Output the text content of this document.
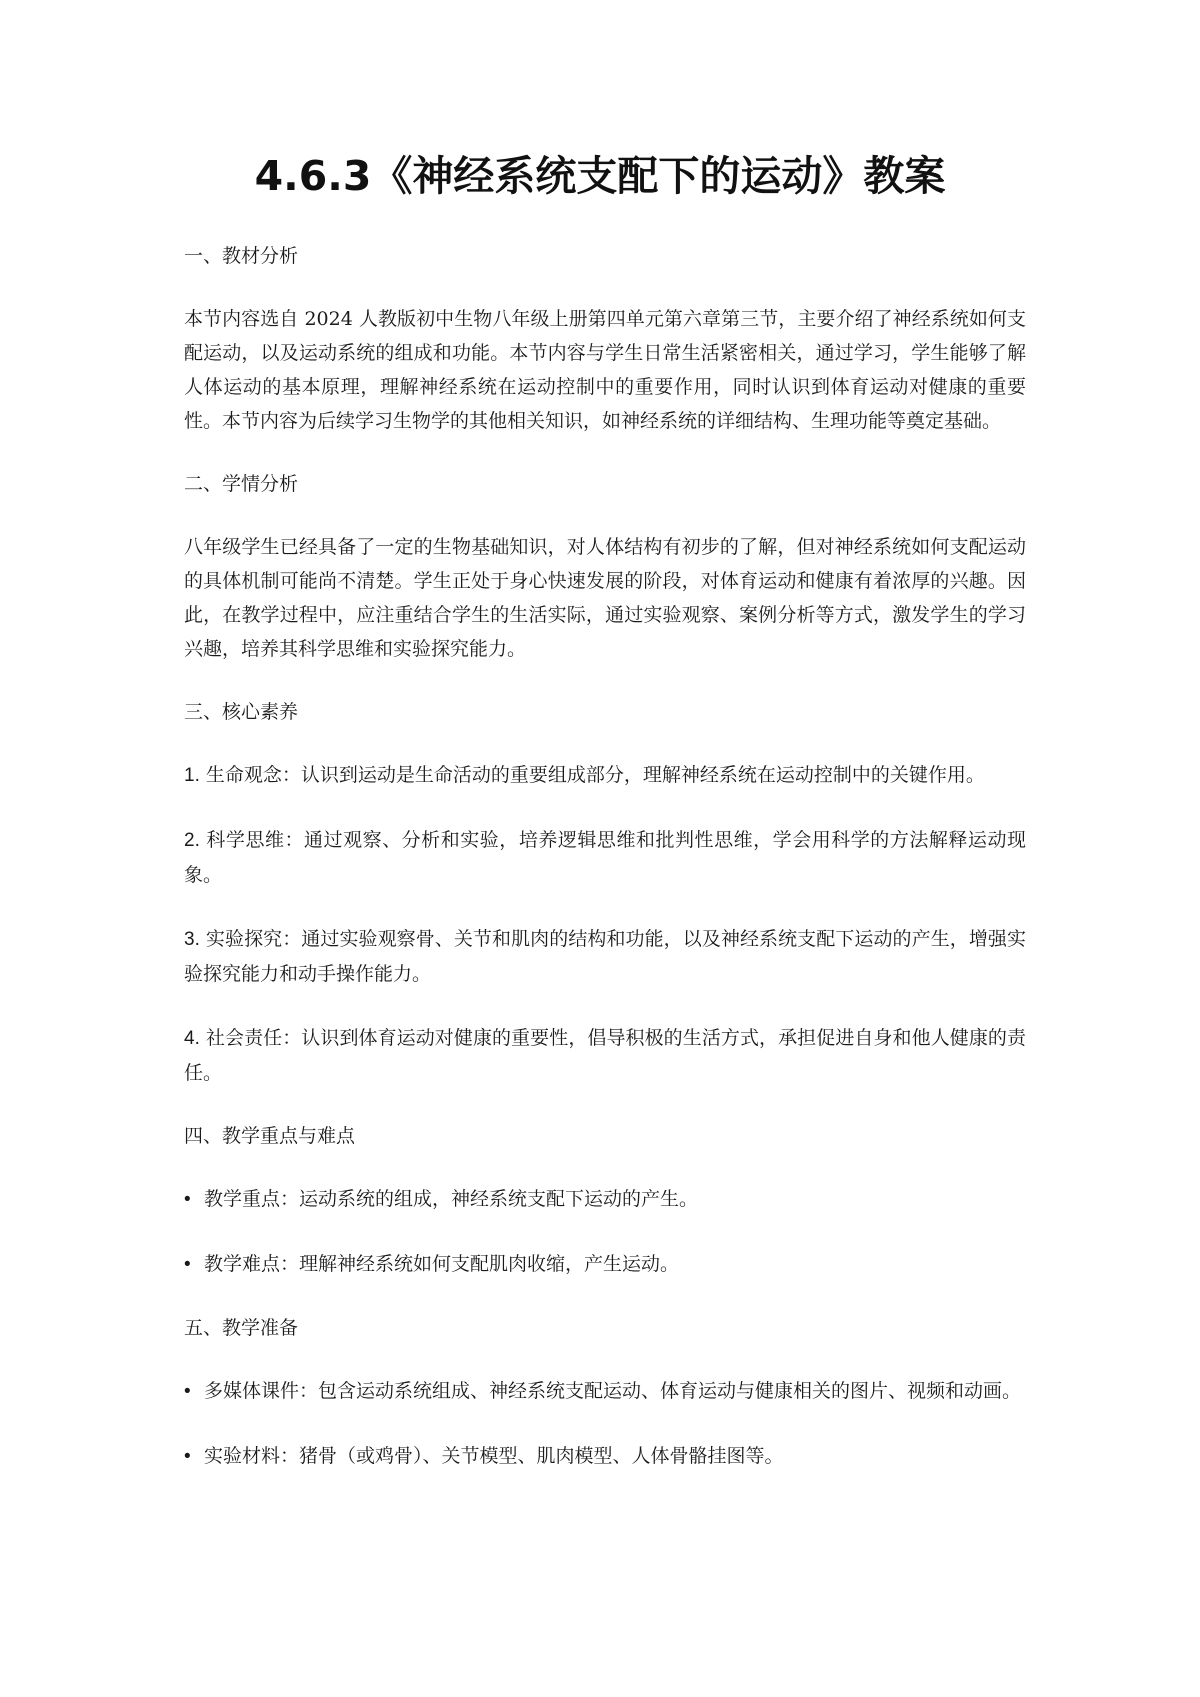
4.6.3《神经系统支配下的运动》教案
一、教材分析

本节内容选自 2024 人教版初中生物八年级上册第四单元第六章第三节，主要介绍了神经系统如何支配运动，以及运动系统的组成和功能。本节内容与学生日常生活紧密相关，通过学习，学生能够了解人体运动的基本原理，理解神经系统在运动控制中的重要作用，同时认识到体育运动对健康的重要性。本节内容为后续学习生物学的其他相关知识，如神经系统的详细结构、生理功能等奠定基础。

二、学情分析

八年级学生已经具备了一定的生物基础知识，对人体结构有初步的了解，但对神经系统如何支配运动的具体机制可能尚不清楚。学生正处于身心快速发展的阶段，对体育运动和健康有着浓厚的兴趣。因此，在教学过程中，应注重结合学生的生活实际，通过实验观察、案例分析等方式，激发学生的学习兴趣，培养其科学思维和实验探究能力。

三、核心素养

1. 生命观念：认识到运动是生命活动的重要组成部分，理解神经系统在运动控制中的关键作用。

2. 科学思维：通过观察、分析和实验，培养逻辑思维和批判性思维，学会用科学的方法解释运动现象。

3. 实验探究：通过实验观察骨、关节和肌肉的结构和功能，以及神经系统支配下运动的产生，增强实验探究能力和动手操作能力。

4. 社会责任：认识到体育运动对健康的重要性，倡导积极的生活方式，承担促进自身和他人健康的责任。

四、教学重点与难点

• 教学重点：运动系统的组成，神经系统支配下运动的产生。

• 教学难点：理解神经系统如何支配肌肉收缩，产生运动。

五、教学准备

• 多媒体课件：包含运动系统组成、神经系统支配运动、体育运动与健康相关的图片、视频和动画。

• 实验材料：猪骨（或鸡骨）、关节模型、肌肉模型、人体骨骼挂图等。
